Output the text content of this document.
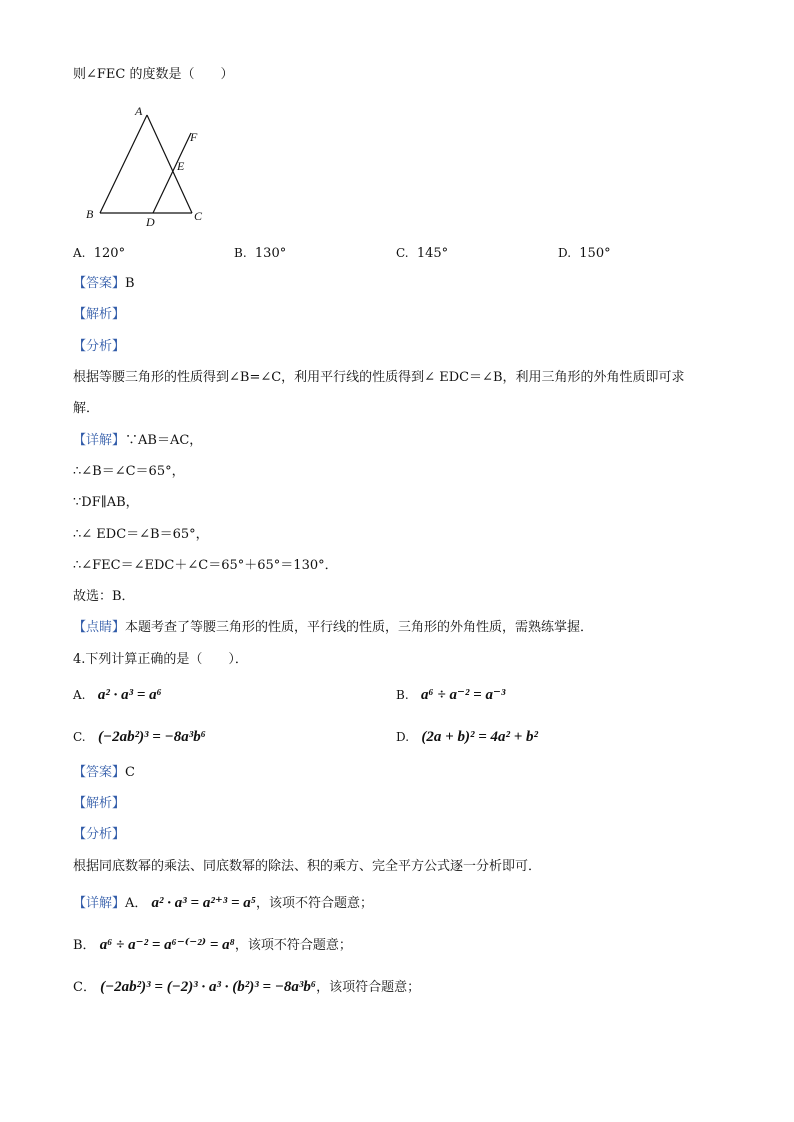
则∠FEC 的度数是（　　）
A
B	C
D
E
F
A. 120°	B. 130°	C. 145°	D. 150°
【答案】B
【解析】
【分析】
根据等腰三角形的性质得到∠B=∠C，利用平行线的性质得到∠ EDC＝∠B，利用三角形的外角性质即可求
解．
【详解】∵AB＝AC，
∴∠B＝∠C＝65°，
∵DF∥AB，
∴∠ EDC＝∠B＝65°，
∴∠FEC＝∠EDC＋∠C＝65°＋65°＝130°．
故选：B．
【点睛】本题考查了等腰三角形的性质，平行线的性质，三角形的外角性质，需熟练掌握．
4.下列计算正确的是（　　）．
A. a² · a³ = a⁶	B. a⁶ ÷ a⁻² = a⁻³
C. (−2ab²)³ = −8a³b⁶	D. (2a + b)² = 4a² + b²
【答案】C
【解析】
【分析】
根据同底数幂的乘法、同底数幂的除法、积的乘方、完全平方公式逐一分析即可．
【详解】A． a² · a³ = a²⁺³ = a⁵，该项不符合题意；
B． a⁶ ÷ a⁻² = a⁶⁻⁽⁻²⁾ = a⁸，该项不符合题意；
C． (−2ab²)³ = (−2)³ · a³ · (b²)³ = −8a³b⁶，该项符合题意；
